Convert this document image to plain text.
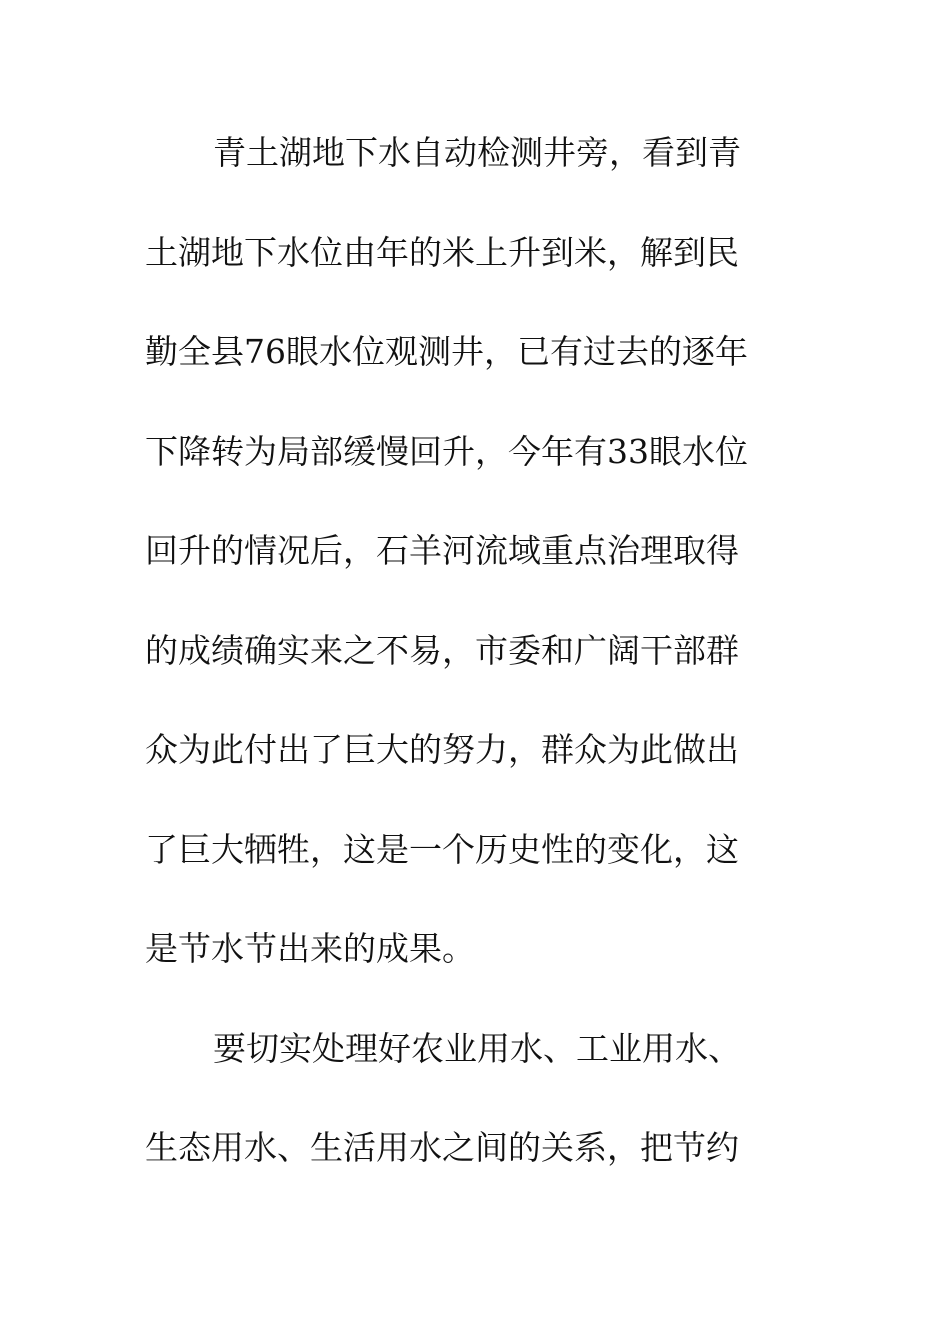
青土湖地下水自动检测井旁，看到青
土湖地下水位由年的米上升到米，解到民
勤全县76眼水位观测井，已有过去的逐年
下降转为局部缓慢回升，今年有33眼水位
回升的情况后，石羊河流域重点治理取得
的成绩确实来之不易，市委和广阔干部群
众为此付出了巨大的努力，群众为此做出
了巨大牺牲，这是一个历史性的变化，这
是节水节出来的成果。
要切实处理好农业用水、工业用水、
生态用水、生活用水之间的关系，把节约
